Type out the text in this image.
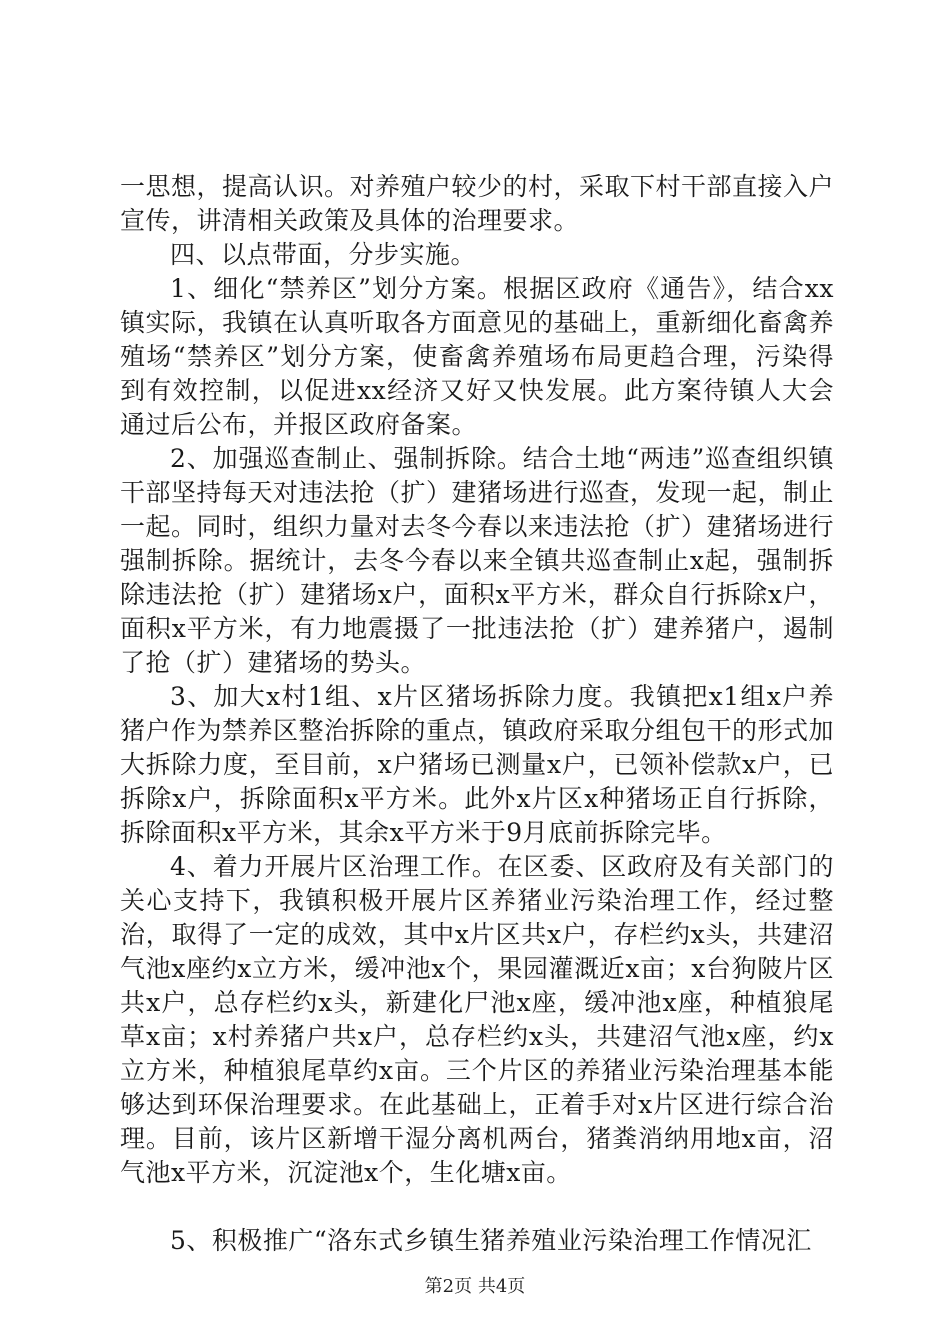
一思想，提高认识。对养殖户较少的村，采取下村干部直接入户宣传，讲清相关政策及具体的治理要求。

四、以点带面，分步实施。

1、细化“禁养区”划分方案。根据区政府《通告》，结合xx镇实际，我镇在认真听取各方面意见的基础上，重新细化畜禽养殖场“禁养区”划分方案，使畜禽养殖场布局更趋合理，污染得到有效控制，以促进xx经济又好又快发展。此方案待镇人大会通过后公布，并报区政府备案。

2、加强巡查制止、强制拆除。结合土地“两违”巡查组织镇干部坚持每天对违法抢（扩）建猪场进行巡查，发现一起，制止一起。同时，组织力量对去冬今春以来违法抢（扩）建猪场进行强制拆除。据统计，去冬今春以来全镇共巡查制止x起，强制拆除违法抢（扩）建猪场x户，面积x平方米，群众自行拆除x户，面积x平方米，有力地震摄了一批违法抢（扩）建养猪户，遏制了抢（扩）建猪场的势头。

3、加大x村1组、x片区猪场拆除力度。我镇把x1组x户养猪户作为禁养区整治拆除的重点，镇政府采取分组包干的形式加大拆除力度，至目前，x户猪场已测量x户，已领补偿款x户，已拆除x户，拆除面积x平方米。此外x片区x种猪场正自行拆除，拆除面积x平方米，其余x平方米于9月底前拆除完毕。

4、着力开展片区治理工作。在区委、区政府及有关部门的关心支持下，我镇积极开展片区养猪业污染治理工作，经过整治，取得了一定的成效，其中x片区共x户，存栏约x头，共建沼气池x座约x立方米，缓冲池x个，果园灌溉近x亩；x台狗陂片区共x户，总存栏约x头，新建化尸池x座，缓冲池x座，种植狼尾草x亩；x村养猪户共x户，总存栏约x头，共建沼气池x座，约x立方米，种植狼尾草约x亩。三个片区的养猪业污染治理基本能够达到环保治理要求。在此基础上，正着手对x片区进行综合治理。目前，该片区新增干湿分离机两台，猪粪消纳用地x亩，沼气池x平方米，沉淀池x个，生化塘x亩。

5、积极推广“洛东式乡镇生猪养殖业污染治理工作情况汇

第2页 共4页
